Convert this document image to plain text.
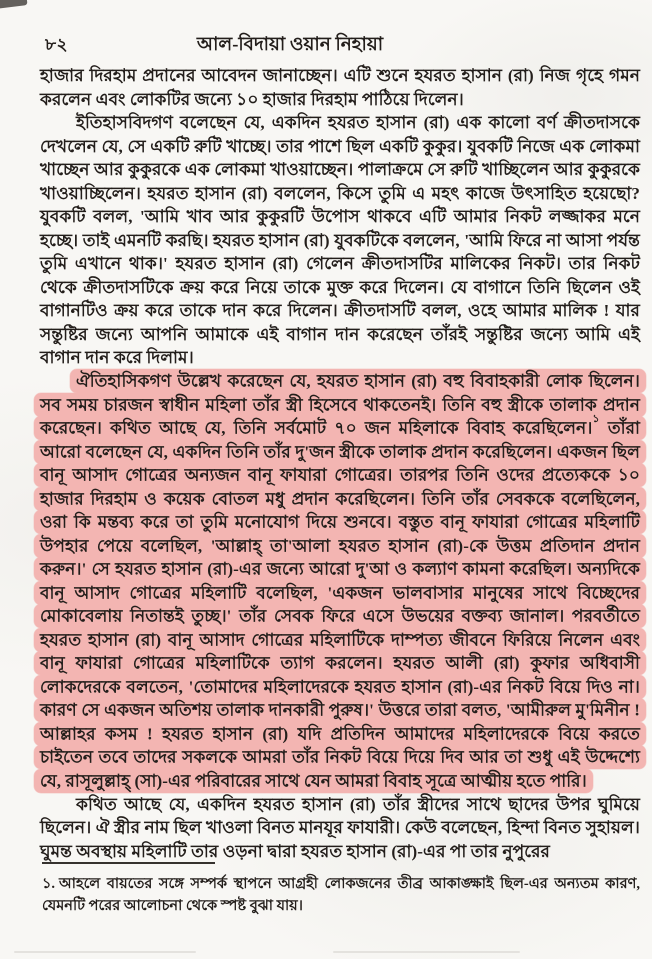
৮২	আল-বিদায়া ওয়ান নিহায়া

হাজার দিরহাম প্রদানের আবেদন জানাচ্ছেন। এটি শুনে হযরত হাসান (রা) নিজ গৃহে গমন করলেন এবং লোকটির জন্যে ১০ হাজার দিরহাম পাঠিয়ে দিলেন।

ইতিহাসবিদগণ বলেছেন যে, একদিন হযরত হাসান (রা) এক কালো বর্ণ ক্রীতদাসকে দেখলেন যে, সে একটি রুটি খাচ্ছে। তার পাশে ছিল একটি কুকুর। যুবকটি নিজে এক লোকমা খাচ্ছেন আর কুকুরকে এক লোকমা খাওয়াচ্ছেন। পালাক্রমে সে রুটি খাচ্ছিলেন আর কুকুরকে খাওয়াচ্ছিলেন। হযরত হাসান (রা) বললেন, কিসে তুমি এ মহৎ কাজে উৎসাহিত হয়েছো? যুবকটি বলল, 'আমি খাব আর কুকুরটি উপোস থাকবে এটি আমার নিকট লজ্জাকর মনে হচ্ছে। তাই এমনটি করছি। হযরত হাসান (রা) যুবকটিকে বললেন, 'আমি ফিরে না আসা পর্যন্ত তুমি এখানে থাক।' হযরত হাসান (রা) গেলেন ক্রীতদাসটির মালিকের নিকট। তার নিকট থেকে ক্রীতদাসটিকে ক্রয় করে নিয়ে তাকে মুক্ত করে দিলেন। যে বাগানে তিনি ছিলেন ওই বাগানটিও ক্রয় করে তাকে দান করে দিলেন। ক্রীতদাসটি বলল, ওহে আমার মালিক ! যার সন্তুষ্টির জন্যে আপনি আমাকে এই বাগান দান করেছেন তাঁরই সন্তুষ্টির জন্যে আমি এই বাগান দান করে দিলাম।

ঐতিহাসিকগণ উল্লেখ করেছেন যে, হযরত হাসান (রা) বহু বিবাহকারী লোক ছিলেন। সব সময় চারজন স্বাধীন মহিলা তাঁর স্ত্রী হিসেবে থাকতেনই। তিনি বহু স্ত্রীকে তালাক প্রদান করেছেন। কথিত আছে যে, তিনি সর্বমোট ৭০ জন মহিলাকে বিবাহ করেছিলেন।$^১$ তাঁরা আরো বলেছেন যে, একদিন তিনি তাঁর দু'জন স্ত্রীকে তালাক প্রদান করেছিলেন। একজন ছিল বানূ আসাদ গোত্রের অন্যজন বানূ ফাযারা গোত্রের। তারপর তিনি ওদের প্রত্যেককে ১০ হাজার দিরহাম ও কয়েক বোতল মধু প্রদান করেছিলেন। তিনি তাঁর সেবককে বলেছিলেন, ওরা কি মন্তব্য করে তা তুমি মনোযোগ দিয়ে শুনবে। বস্তুত বানূ ফাযারা গোত্রের মহিলাটি উপহার পেয়ে বলেছিল, 'আল্লাহ্ তা'আলা হযরত হাসান (রা)-কে উত্তম প্রতিদান প্রদান করুন।' সে হযরত হাসান (রা)-এর জন্যে আরো দু'আ ও কল্যাণ কামনা করেছিল। অন্যদিকে বানূ আসাদ গোত্রের মহিলাটি বলেছিল, 'একজন ভালবাসার মানুষের সাথে বিচ্ছেদের মোকাবেলায় নিতান্তই তুচ্ছ।' তাঁর সেবক ফিরে এসে উভয়ের বক্তব্য জানাল। পরবর্তীতে হযরত হাসান (রা) বানূ আসাদ গোত্রের মহিলাটিকে দাম্পত্য জীবনে ফিরিয়ে নিলেন এবং বানূ ফাযারা গোত্রের মহিলাটিকে ত্যাগ করলেন। হযরত আলী (রা) কুফার অধিবাসী লোকদেরকে বলতেন, 'তোমাদের মহিলাদেরকে হযরত হাসান (রা)-এর নিকট বিয়ে দিও না। কারণ সে একজন অতিশয় তালাক দানকারী পুরুষ।' উত্তরে তারা বলত, 'আমীরুল মু'মিনীন ! আল্লাহর কসম ! হযরত হাসান (রা) যদি প্রতিদিন আমাদের মহিলাদেরকে বিয়ে করতে চাইতেন তবে তাদের সকলকে আমরা তাঁর নিকট বিয়ে দিয়ে দিব আর তা শুধু এই উদ্দেশ্যে যে, রাসূলুল্লাহ্ (সা)-এর পরিবারের সাথে যেন আমরা বিবাহ সূত্রে আত্মীয় হতে পারি।

কথিত আছে যে, একদিন হযরত হাসান (রা) তাঁর স্ত্রীদের সাথে ছাদের উপর ঘুমিয়ে ছিলেন। ঐ স্ত্রীর নাম ছিল খাওলা বিনত মানযূর ফাযারী। কেউ বলেছেন, হিন্দা বিনত সুহায়ল। ঘুমন্ত অবস্থায় মহিলাটি তার ওড়না দ্বারা হযরত হাসান (রা)-এর পা তার নুপুরের

১. আহলে বায়তের সঙ্গে সম্পর্ক স্থাপনে আগ্রহী লোকজনের তীব্র আকাঙ্ক্ষাই ছিল-এর অন্যতম কারণ, যেমনটি পরের আলোচনা থেকে স্পষ্ট বুঝা যায়।
